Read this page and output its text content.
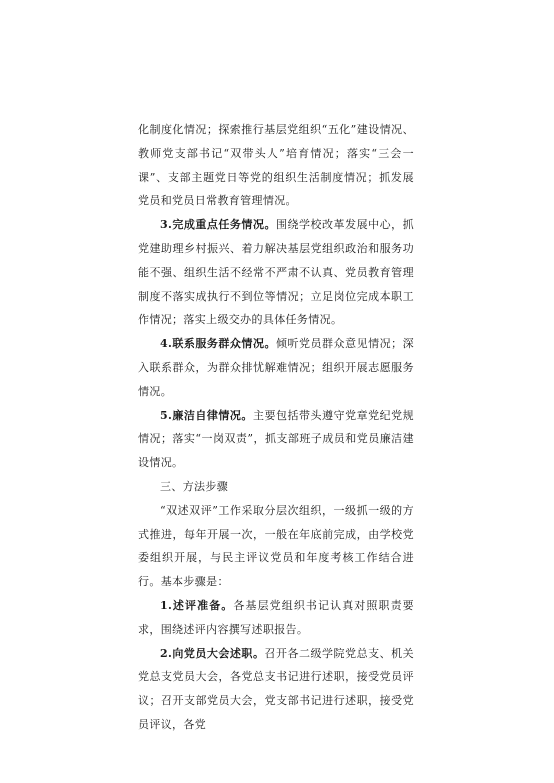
化制度化情况；探索推行基层党组织“五化”建设情况、教师党支部书记“双带头人”培育情况；落实“三会一课”、支部主题党日等党的组织生活制度情况；抓发展党员和党员日常教育管理情况。

3.完成重点任务情况。围绕学校改革发展中心，抓党建助理乡村振兴、着力解决基层党组织政治和服务功能不强、组织生活不经常不严肃不认真、党员教育管理制度不落实成执行不到位等情况；立足岗位完成本职工作情况；落实上级交办的具体任务情况。

4.联系服务群众情况。倾听党员群众意见情况；深入联系群众，为群众排忧解难情况；组织开展志愿服务情况。

5.廉洁自律情况。主要包括带头遵守党章党纪党规情况；落实“一岗双责”，抓支部班子成员和党员廉洁建设情况。

三、方法步骤

“双述双评”工作采取分层次组织，一级抓一级的方式推进，每年开展一次，一般在年底前完成，由学校党委组织开展，与民主评议党员和年度考核工作结合进行。基本步骤是：

1.述评准备。各基层党组织书记认真对照职责要求，围绕述评内容撰写述职报告。

2.向党员大会述职。召开各二级学院党总支、机关党总支党员大会，各党总支书记进行述职，接受党员评议；召开支部党员大会，党支部书记进行述职，接受党员评议，各党
